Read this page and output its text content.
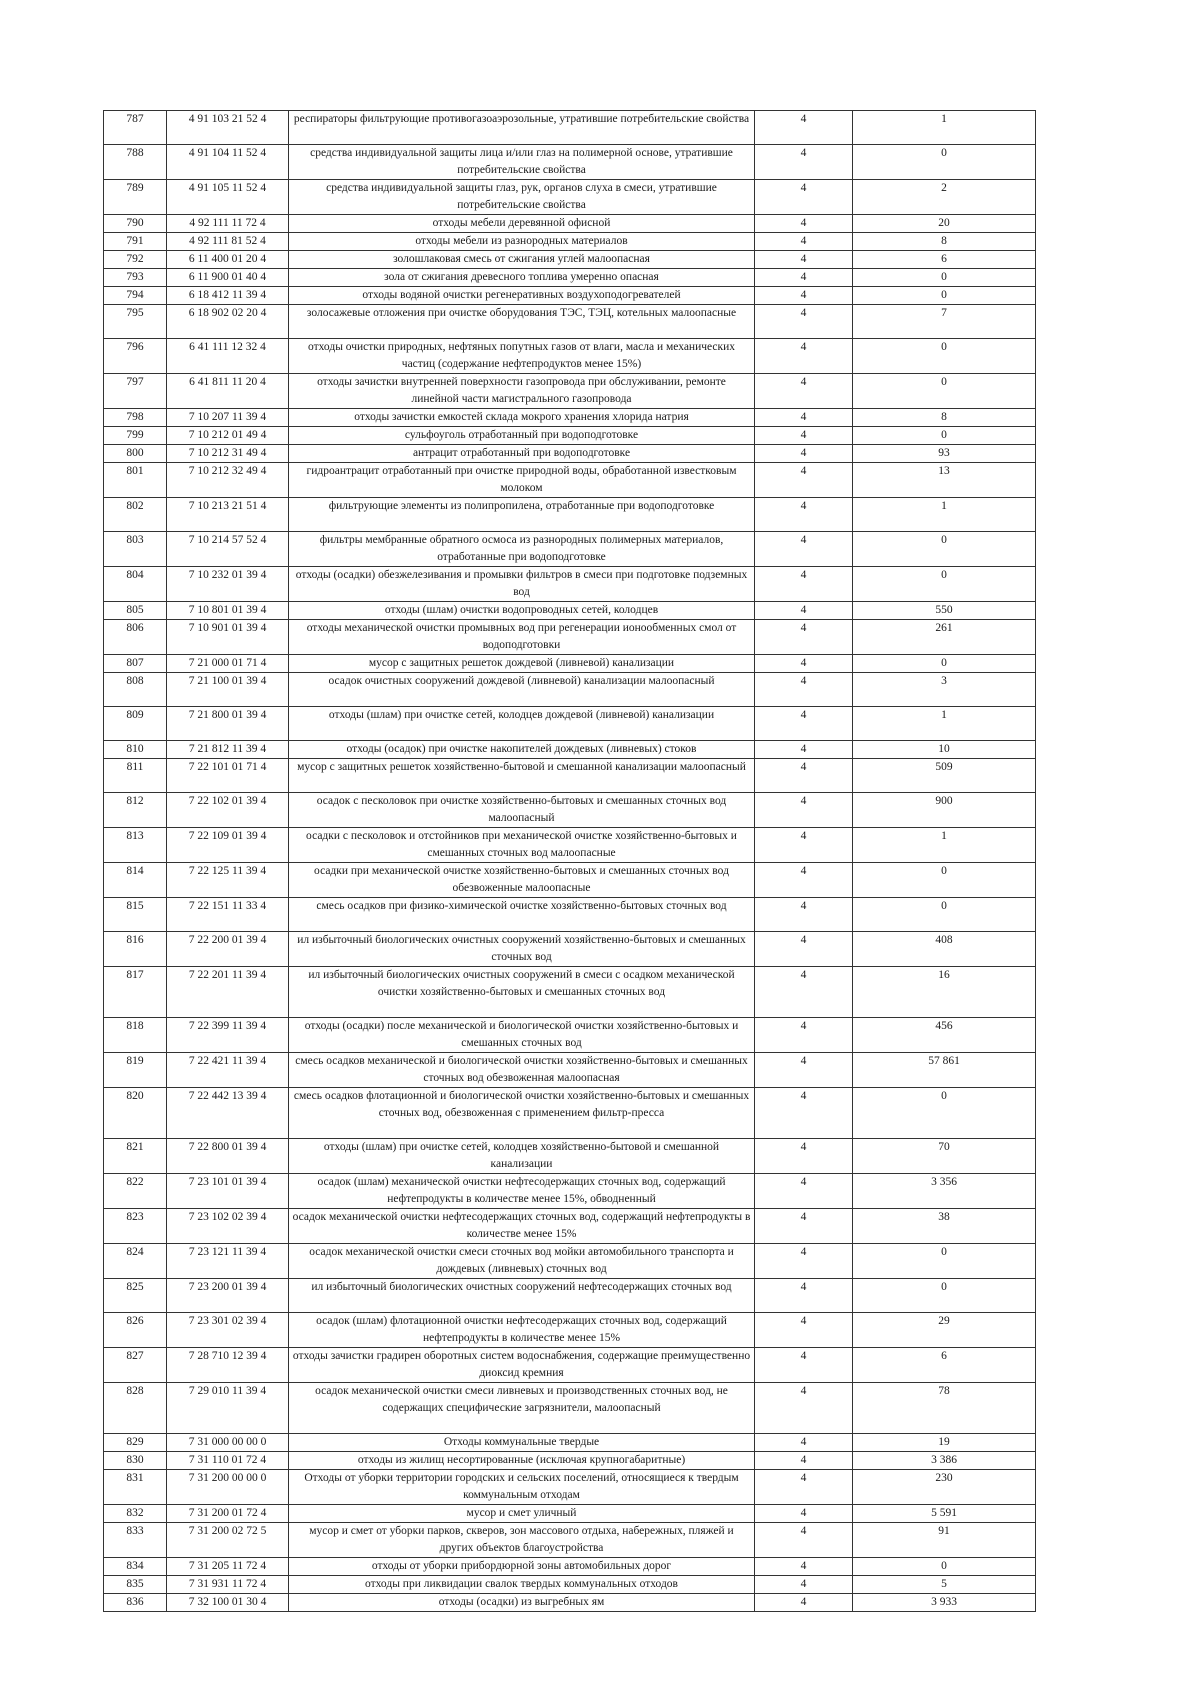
787	4 91 103 21 52 4	респираторы фильтрующие противогазоаэрозольные, утратившие потребительские свойства	4	1
788	4 91 104 11 52 4	средства индивидуальной защиты лица и/или глаз на полимерной основе, утратившие потребительские свойства	4	0
789	4 91 105 11 52 4	средства индивидуальной защиты глаз, рук, органов слуха в смеси, утратившие потребительские свойства	4	2
790	4 92 111 11 72 4	отходы мебели деревянной офисной	4	20
791	4 92 111 81 52 4	отходы мебели из разнородных материалов	4	8
792	6 11 400 01 20 4	золошлаковая смесь от сжигания углей малоопасная	4	6
793	6 11 900 01 40 4	зола от сжигания древесного топлива умеренно опасная	4	0
794	6 18 412 11 39 4	отходы водяной очистки регенеративных воздухоподогревателей	4	0
795	6 18 902 02 20 4	золосажевые отложения при очистке оборудования ТЭС, ТЭЦ, котельных малоопасные	4	7
796	6 41 111 12 32 4	отходы очистки природных, нефтяных попутных газов от влаги, масла и механических частиц (содержание нефтепродуктов менее 15%)	4	0
797	6 41 811 11 20 4	отходы зачистки внутренней поверхности газопровода при обслуживании, ремонте линейной части магистрального газопровода	4	0
798	7 10 207 11 39 4	отходы зачистки емкостей склада мокрого хранения хлорида натрия	4	8
799	7 10 212 01 49 4	сульфоуголь отработанный при водоподготовке	4	0
800	7 10 212 31 49 4	антрацит отработанный при водоподготовке	4	93
801	7 10 212 32 49 4	гидроантрацит отработанный при очистке природной воды, обработанной известковым молоком	4	13
802	7 10 213 21 51 4	фильтрующие элементы из полипропилена, отработанные при водоподготовке	4	1
803	7 10 214 57 52 4	фильтры мембранные обратного осмоса из разнородных полимерных материалов, отработанные при водоподготовке	4	0
804	7 10 232 01 39 4	отходы (осадки) обезжелезивания и промывки фильтров в смеси при подготовке подземных вод	4	0
805	7 10 801 01 39 4	отходы (шлам) очистки водопроводных сетей, колодцев	4	550
806	7 10 901 01 39 4	отходы механической очистки промывных вод при регенерации ионообменных смол от водоподготовки	4	261
807	7 21 000 01 71 4	мусор с защитных решеток дождевой (ливневой) канализации	4	0
808	7 21 100 01 39 4	осадок очистных сооружений дождевой (ливневой) канализации малоопасный	4	3
809	7 21 800 01 39 4	отходы (шлам) при очистке сетей, колодцев дождевой (ливневой) канализации	4	1
810	7 21 812 11 39 4	отходы (осадок) при очистке накопителей дождевых (ливневых) стоков	4	10
811	7 22 101 01 71 4	мусор с защитных решеток хозяйственно-бытовой и смешанной канализации малоопасный	4	509
812	7 22 102 01 39 4	осадок с песколовок при очистке хозяйственно-бытовых и смешанных сточных вод малоопасный	4	900
813	7 22 109 01 39 4	осадки с песколовок и отстойников при механической очистке хозяйственно-бытовых и смешанных сточных вод малоопасные	4	1
814	7 22 125 11 39 4	осадки при механической очистке хозяйственно-бытовых и смешанных сточных вод обезвоженные малоопасные	4	0
815	7 22 151 11 33 4	смесь осадков при физико-химической очистке хозяйственно-бытовых сточных вод	4	0
816	7 22 200 01 39 4	ил избыточный биологических очистных сооружений хозяйственно-бытовых и смешанных сточных вод	4	408
817	7 22 201 11 39 4	ил избыточный биологических очистных сооружений в смеси с осадком механической очистки хозяйственно-бытовых и смешанных сточных вод	4	16
818	7 22 399 11 39 4	отходы (осадки) после механической и биологической очистки хозяйственно-бытовых и смешанных сточных вод	4	456
819	7 22 421 11 39 4	смесь осадков механической и биологической очистки хозяйственно-бытовых и смешанных сточных вод обезвоженная малоопасная	4	57 861
820	7 22 442 13 39 4	смесь осадков флотационной и биологической очистки хозяйственно-бытовых и смешанных сточных вод, обезвоженная с применением фильтр-пресса	4	0
821	7 22 800 01 39 4	отходы (шлам) при очистке сетей, колодцев хозяйственно-бытовой и смешанной канализации	4	70
822	7 23 101 01 39 4	осадок (шлам) механической очистки нефтесодержащих сточных вод, содержащий нефтепродукты в количестве менее 15%, обводненный	4	3 356
823	7 23 102 02 39 4	осадок механической очистки нефтесодержащих сточных вод, содержащий нефтепродукты в количестве менее 15%	4	38
824	7 23 121 11 39 4	осадок механической очистки смеси сточных вод мойки автомобильного транспорта и дождевых (ливневых) сточных вод	4	0
825	7 23 200 01 39 4	ил избыточный биологических очистных сооружений нефтесодержащих сточных вод	4	0
826	7 23 301 02 39 4	осадок (шлам) флотационной очистки нефтесодержащих сточных вод, содержащий нефтепродукты в количестве менее 15%	4	29
827	7 28 710 12 39 4	отходы зачистки градирен оборотных систем водоснабжения, содержащие преимущественно диоксид кремния	4	6
828	7 29 010 11 39 4	осадок механической очистки смеси ливневых и производственных сточных вод, не содержащих специфические загрязнители, малоопасный	4	78
829	7 31 000 00 00 0	Отходы коммунальные твердые	4	19
830	7 31 110 01 72 4	отходы из жилищ несортированные (исключая крупногабаритные)	4	3 386
831	7 31 200 00 00 0	Отходы от уборки территории городских и сельских поселений, относящиеся к твердым коммунальным отходам	4	230
832	7 31 200 01 72 4	мусор и смет уличный	4	5 591
833	7 31 200 02 72 5	мусор и смет от уборки парков, скверов, зон массового отдыха, набережных, пляжей и других объектов благоустройства	4	91
834	7 31 205 11 72 4	отходы от уборки прибордюрной зоны автомобильных дорог	4	0
835	7 31 931 11 72 4	отходы при ликвидации свалок твердых коммунальных отходов	4	5
836	7 32 100 01 30 4	отходы (осадки) из выгребных ям	4	3 933
